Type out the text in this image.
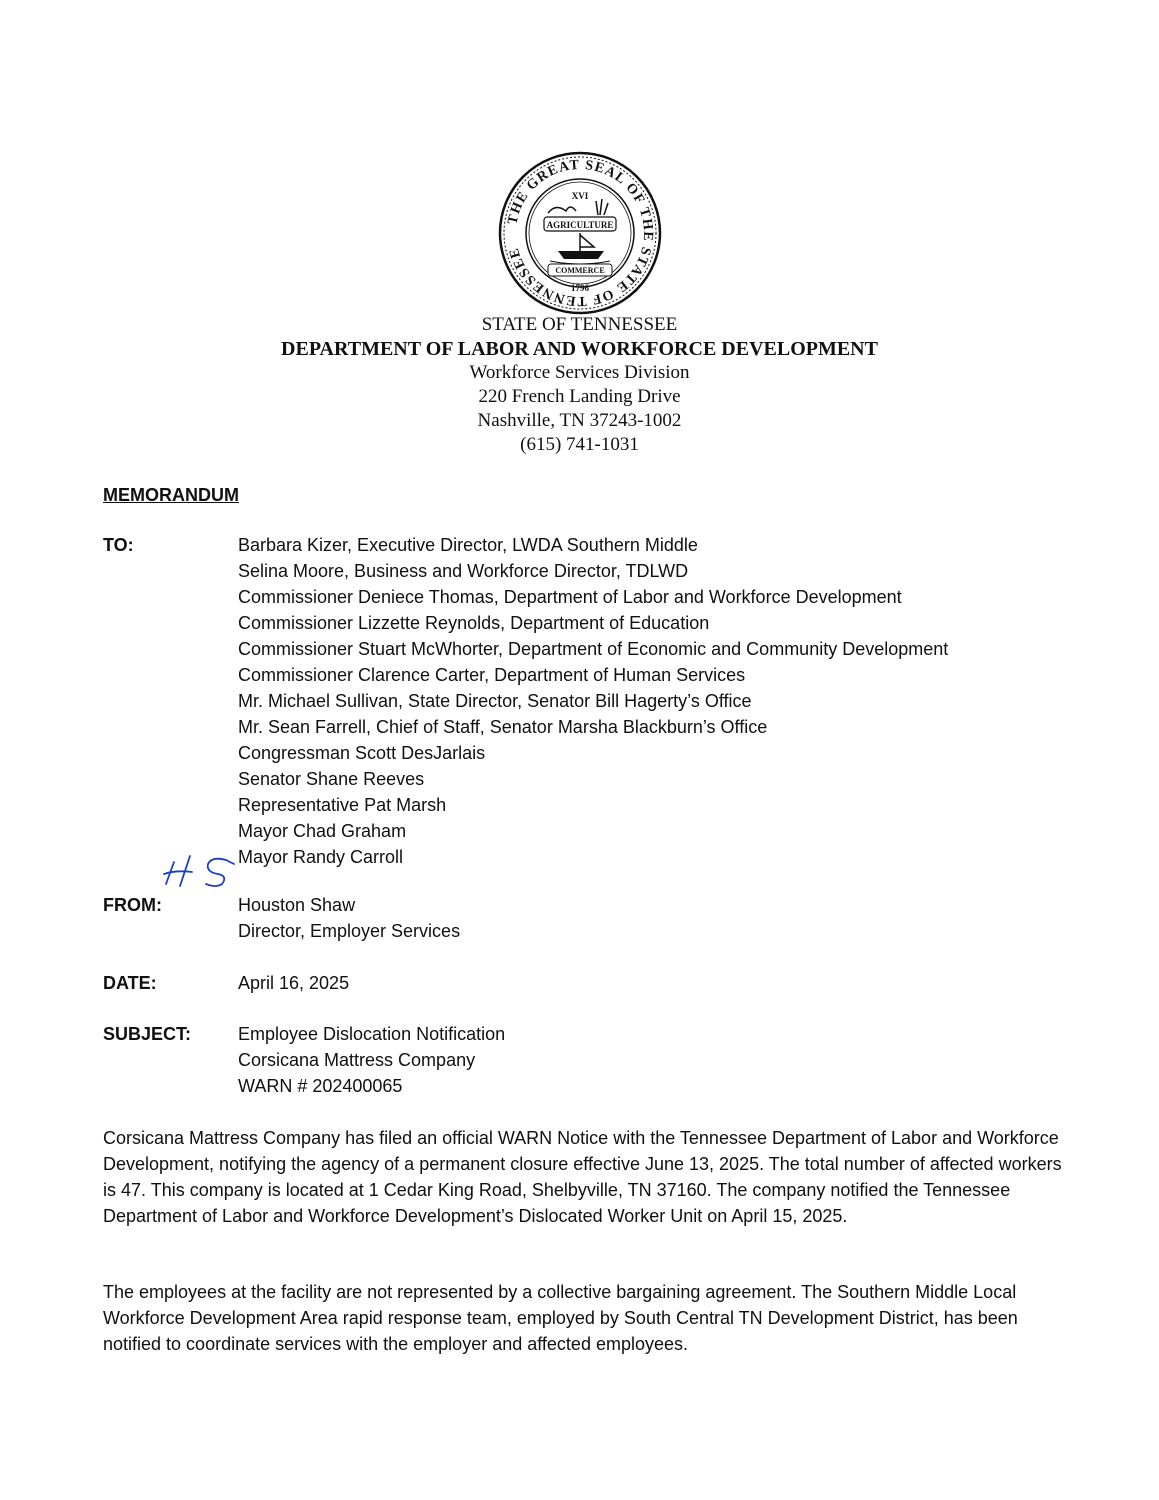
THE GREAT SEAL OF THE STATE OF TENNESSEE
XVI
AGRICULTURE
COMMERCE
1796
STATE OF TENNESSEE
DEPARTMENT OF LABOR AND WORKFORCE DEVELOPMENT
Workforce Services Division
220 French Landing Drive
Nashville, TN 37243-1002
(615) 741-1031
MEMORANDUM
TO:	Barbara Kizer, Executive Director, LWDA Southern Middle
Selina Moore, Business and Workforce Director, TDLWD
Commissioner Deniece Thomas, Department of Labor and Workforce Development
Commissioner Lizzette Reynolds, Department of Education
Commissioner Stuart McWhorter, Department of Economic and Community Development
Commissioner Clarence Carter, Department of Human Services
Mr. Michael Sullivan, State Director, Senator Bill Hagerty’s Office
Mr. Sean Farrell, Chief of Staff, Senator Marsha Blackburn’s Office
Congressman Scott DesJarlais
Senator Shane Reeves
Representative Pat Marsh
Mayor Chad Graham
Mayor Randy Carroll
FROM:	Houston Shaw
Director, Employer Services
DATE:	April 16, 2025
SUBJECT:	Employee Dislocation Notification
Corsicana Mattress Company
WARN # 202400065
Corsicana Mattress Company has filed an official WARN Notice with the Tennessee Department of Labor and Workforce Development, notifying the agency of a permanent closure effective June 13, 2025. The total number of affected workers is 47. This company is located at 1 Cedar King Road, Shelbyville, TN 37160. The company notified the Tennessee Department of Labor and Workforce Development’s Dislocated Worker Unit on April 15, 2025.
The employees at the facility are not represented by a collective bargaining agreement. The Southern Middle Local Workforce Development Area rapid response team, employed by South Central TN Development District, has been notified to coordinate services with the employer and affected employees.
